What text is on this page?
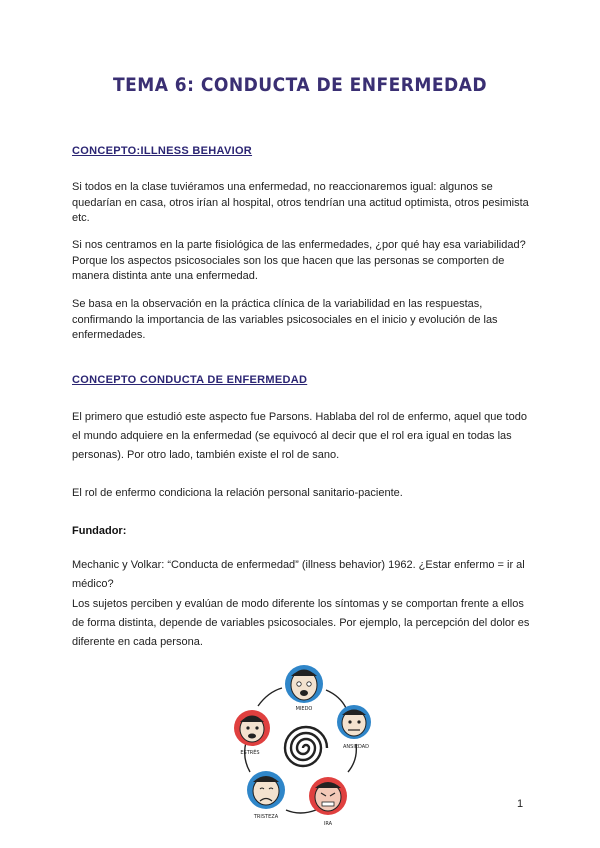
TEMA 6: CONDUCTA DE ENFERMEDAD
CONCEPTO:ILLNESS BEHAVIOR

Si todos en la clase tuviéramos una enfermedad, no reaccionaremos igual: algunos se quedarían en casa, otros irían al hospital, otros tendrían una actitud optimista, otros pesimista etc.

Si nos centramos en la parte fisiológica de las enfermedades, ¿por qué hay esa variabilidad? Porque los aspectos psicosociales son los que hacen que las personas se comporten de manera distinta ante una enfermedad.

Se basa en la observación en la práctica clínica de la variabilidad en las respuestas, confirmando la importancia de las variables psicosociales en el inicio y evolución de las enfermedades.

CONCEPTO CONDUCTA DE ENFERMEDAD

El primero que estudió este aspecto fue Parsons. Hablaba del rol de enfermo, aquel que todo el mundo adquiere en la enfermedad (se equivocó al decir que el rol era igual en todas las personas). Por otro lado, también existe el rol de sano.

El rol de enfermo condiciona la relación personal sanitario-paciente.

Fundador:

Mechanic y Volkar: “Conducta de enfermedad” (illness behavior) 1962. ¿Estar enfermo = ir al médico?

Los sujetos perciben y evalúan de modo diferente los síntomas y se comportan frente a ellos de forma distinta, depende de variables psicosociales. Por ejemplo, la percepción del dolor es diferente en cada persona.

MIEDO
ANSIEDAD
IRA
TRISTEZA
ESTRÉS
1
